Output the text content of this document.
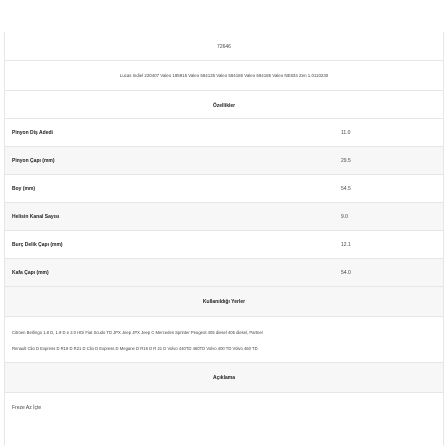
72646
Lucas Indiel 220407 Valeo 185915 Valeo 584135 Valeo 584185 Valeo 594185 Valeo NE834 Zen 1.0110230
Özellikler
Pinyon Diş Adedi	11.0
Pinyon Çapı (mm)	29.5
Boy (mm)	54.5
Helisin Kanal Sayısı	9.0
Burç Delik Çapı (mm)	12.1
Kafa Çapı (mm)	54.0
Kullanıldığı Yerler
Citroen Berlingo 1.8 D, 1.9 D e 2.0 HDi Fiat Scudo TD JPX Jeep JPX Jeep C Mercedes Sprinter Peugeot 405 diesel 405 diesel, Partner
Renault Clio D Express D R19 D R21 D Clio D Express D Megane D R19 D R 21 D Volvo 440TD 460TD Volvo 400 TD Volvo 460 TD
Açıklama
Freze Az İçte
